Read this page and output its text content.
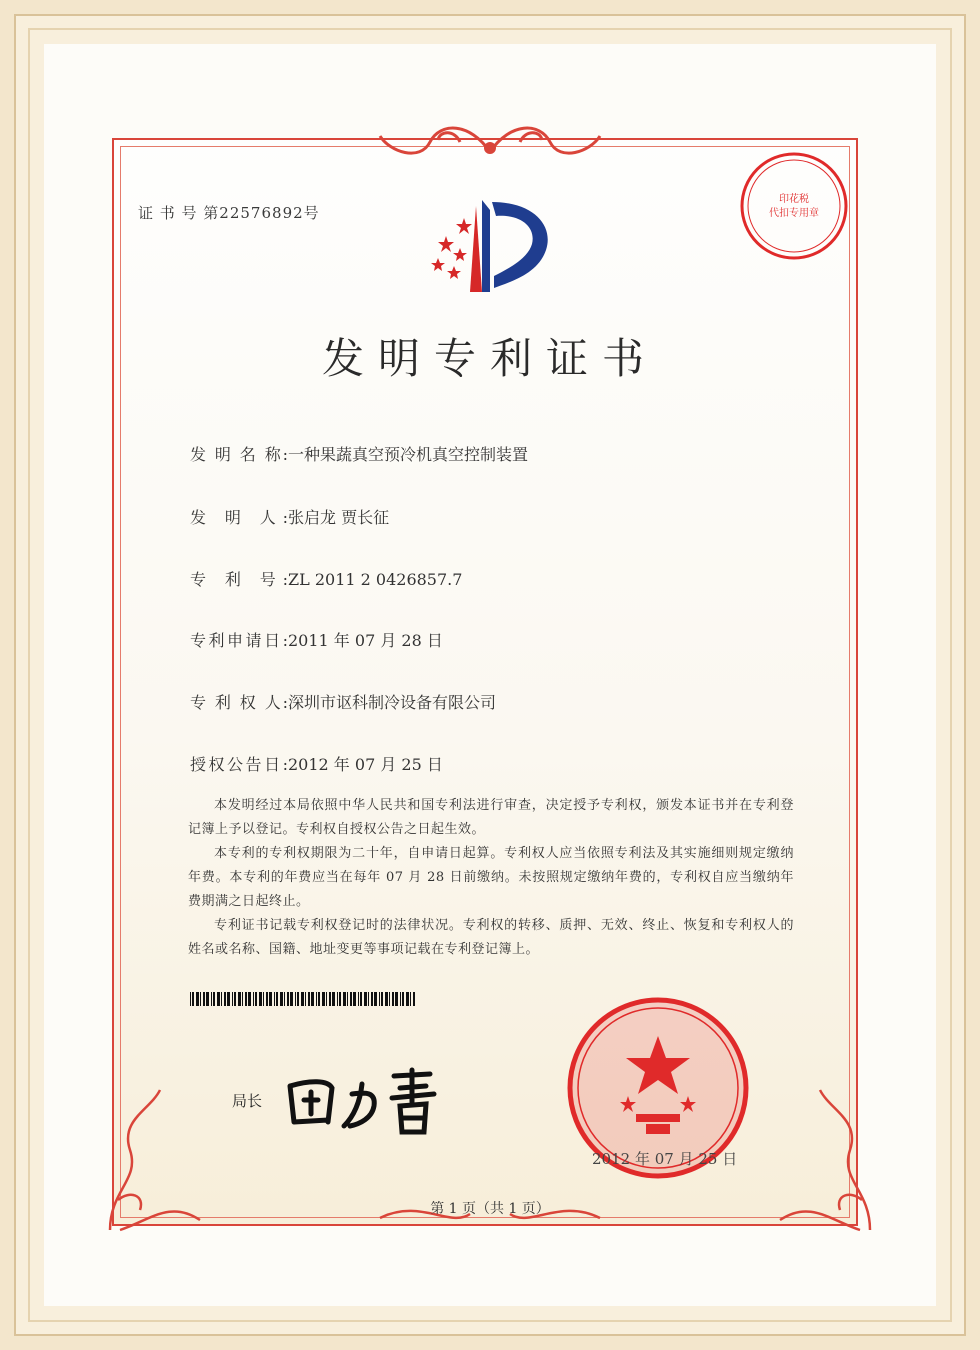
证 书 号 第22576892号
印花税
代扣专用章
发明专利证书
发 明 名 称:一种果蔬真空预冷机真空控制装置
发 明 人:张启龙 贾长征
专 利 号:ZL 2011 2 0426857.7
专利申请日:2011 年 07 月 28 日
专 利 权 人:深圳市讴科制冷设备有限公司
授权公告日:2012 年 07 月 25 日
本发明经过本局依照中华人民共和国专利法进行审查，决定授予专利权，颁发本证书并在专利登记簿上予以登记。专利权自授权公告之日起生效。
本专利的专利权期限为二十年，自申请日起算。专利权人应当依照专利法及其实施细则规定缴纳年费。本专利的年费应当在每年 07 月 28 日前缴纳。未按照规定缴纳年费的，专利权自应当缴纳年费期满之日起终止。
专利证书记载专利权登记时的法律状况。专利权的转移、质押、无效、终止、恢复和专利权人的姓名或名称、国籍、地址变更等事项记载在专利登记簿上。
局长
2012 年 07 月 25 日
第 1 页（共 1 页）
